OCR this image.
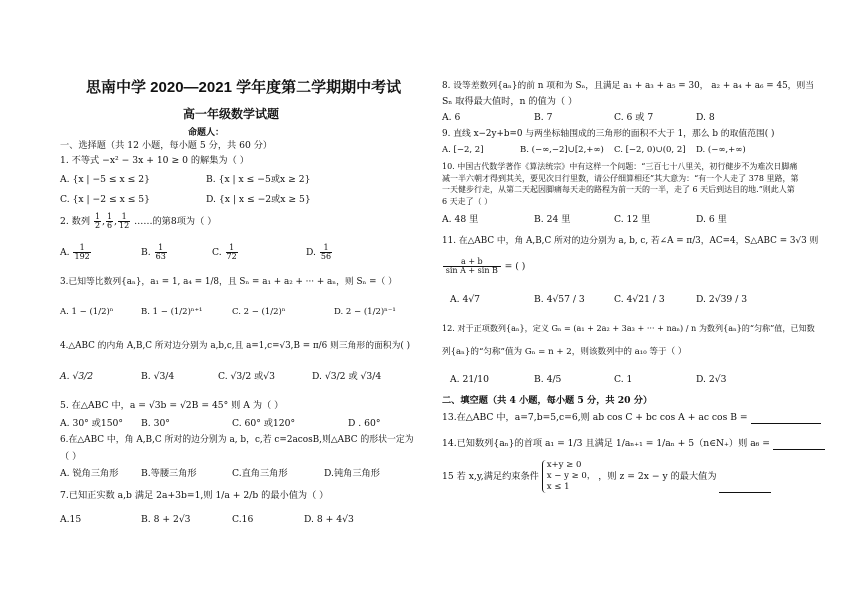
思南中学 2020—2021 学年度第二学期期中考试
高一年级数学试题
命题人：
一、选择题（共 12 小题，每小题 5 分，共 60 分）
1. 不等式 −x² − 3x + 10 ≥ 0 的解集为（ ）
A. {x | −5 ≤ x ≤ 2}	B. {x | x ≤ −5或x ≥ 2}
C. {x | −2 ≤ x ≤ 5}	D. {x | x ≤ −2或x ≥ 5}
2. 数列 $\frac{1}{2}$ , $\frac{1}{6}$ , $\frac{1}{12}$ ……的第8项为（ ）
A. $\frac{1}{192}$	B. $\frac{1}{63}$	C. $\frac{1}{72}$	D. $\frac{1}{56}$
3.已知等比数列{aₙ}，a₁ = 1, a₄ = 1/8，且 Sₙ = a₁ + a₂ + ··· + aₙ，则 Sₙ =（ ）
A. 1 − (1/2)ⁿ	B. 1 − (1/2)ⁿ⁺¹	C. 2 − (1/2)ⁿ	D. 2 − (1/2)ⁿ⁻¹
4.△ABC 的内角 A,B,C 所对边分别为 a,b,c,且 a=1,c=√3,B = π/6 则三角形的面积为( )
A. √3/2	B. √3/4	C. √3/2 或√3	D. √3/2 或 √3/4
5. 在△ABC 中，a = √3b = √2B = 45° 则 A 为（ ）
A. 30° 或150° B. 30°	C. 60° 或120°	D . 60°
6.在△ABC 中，角 A,B,C 所对的边分别为 a, b，c,若 c=2acosB,则△ABC 的形状一定为
（ ）
A. 锐角三角形 B.等腰三角形	C.直角三角形	D.钝角三角形
7.已知正实数 a,b 满足 2a+3b=1,则 1/a + 2/b 的最小值为（ ）
A.15	B. 8 + 2√3	C.16	D. 8 + 4√3
8. 设等差数列{aₙ}的前 n 项和为 Sₙ，且满足 a₁ + a₃ + a₅ = 30， a₂ + a₄ + a₆ = 45，则当
Sₙ 取得最大值时，n 的值为（ ）
A. 6	B. 7	C. 6 或 7	D. 8
9. 直线 x−2y+b=0 与两坐标轴围成的三角形的面积不大于 1，那么 b 的取值范围( )
A. [−2, 2]	B. (−∞,−2]∪[2,+∞) C. [−2, 0)∪(0, 2] D. (−∞,+∞)
10. 中国古代数学著作《算法统宗》中有这样一个问题：“三百七十八里关，初行健步不为难次日脚痛减一半六朝才得到其关，要见次日行里数，请公仔细算相还”其大意为：“有一个人走了 378 里路，第一天健步行走，从第二天起因脚痛每天走的路程为前一天的一半，走了 6 天后到达目的地.”则此人第 6 天走了（ ）
A. 48 里	B. 24 里	C. 12 里	D. 6 里
11. 在△ABC 中，角 A,B,C 所对的边分别为 a, b, c, 若∠A = π/3，AC=4，S△ABC = 3√3 则
$\frac{a + b}{\text{sin A + sin B}}$ = ( )
A. 4√7	B. 4√57 / 3	C. 4√21 / 3	D. 2√39 / 3
12. 对于正项数列{aₙ}，定义 Gₙ = (a₁ + 2a₂ + 3a₃ + ··· + naₙ) / n 为数列{aₙ}的“匀称”值，已知数
列{aₙ}的“匀称”值为 Gₙ = n + 2，则该数列中的 a₁₀ 等于（ ）
A. 21/10	B. 4/5	C. 1	D. 2√3
二、填空题（共 4 小题，每小题 5 分，共 20 分）
13.在△ABC 中，a=7,b=5,c=6,则 ab cos C + bc cos A + ac cos B =
14.已知数列{aₙ}的首项 a₁ = 1/3 且满足 1/aₙ₊₁ = 1/aₙ + 5（n∈N₊）则 a₆ =
15 若 x,y,满足约束条件
x+y ≥ 0
x − y ≥ 0，
x ≤ 1
，则 z = 2x − y 的最大值为
